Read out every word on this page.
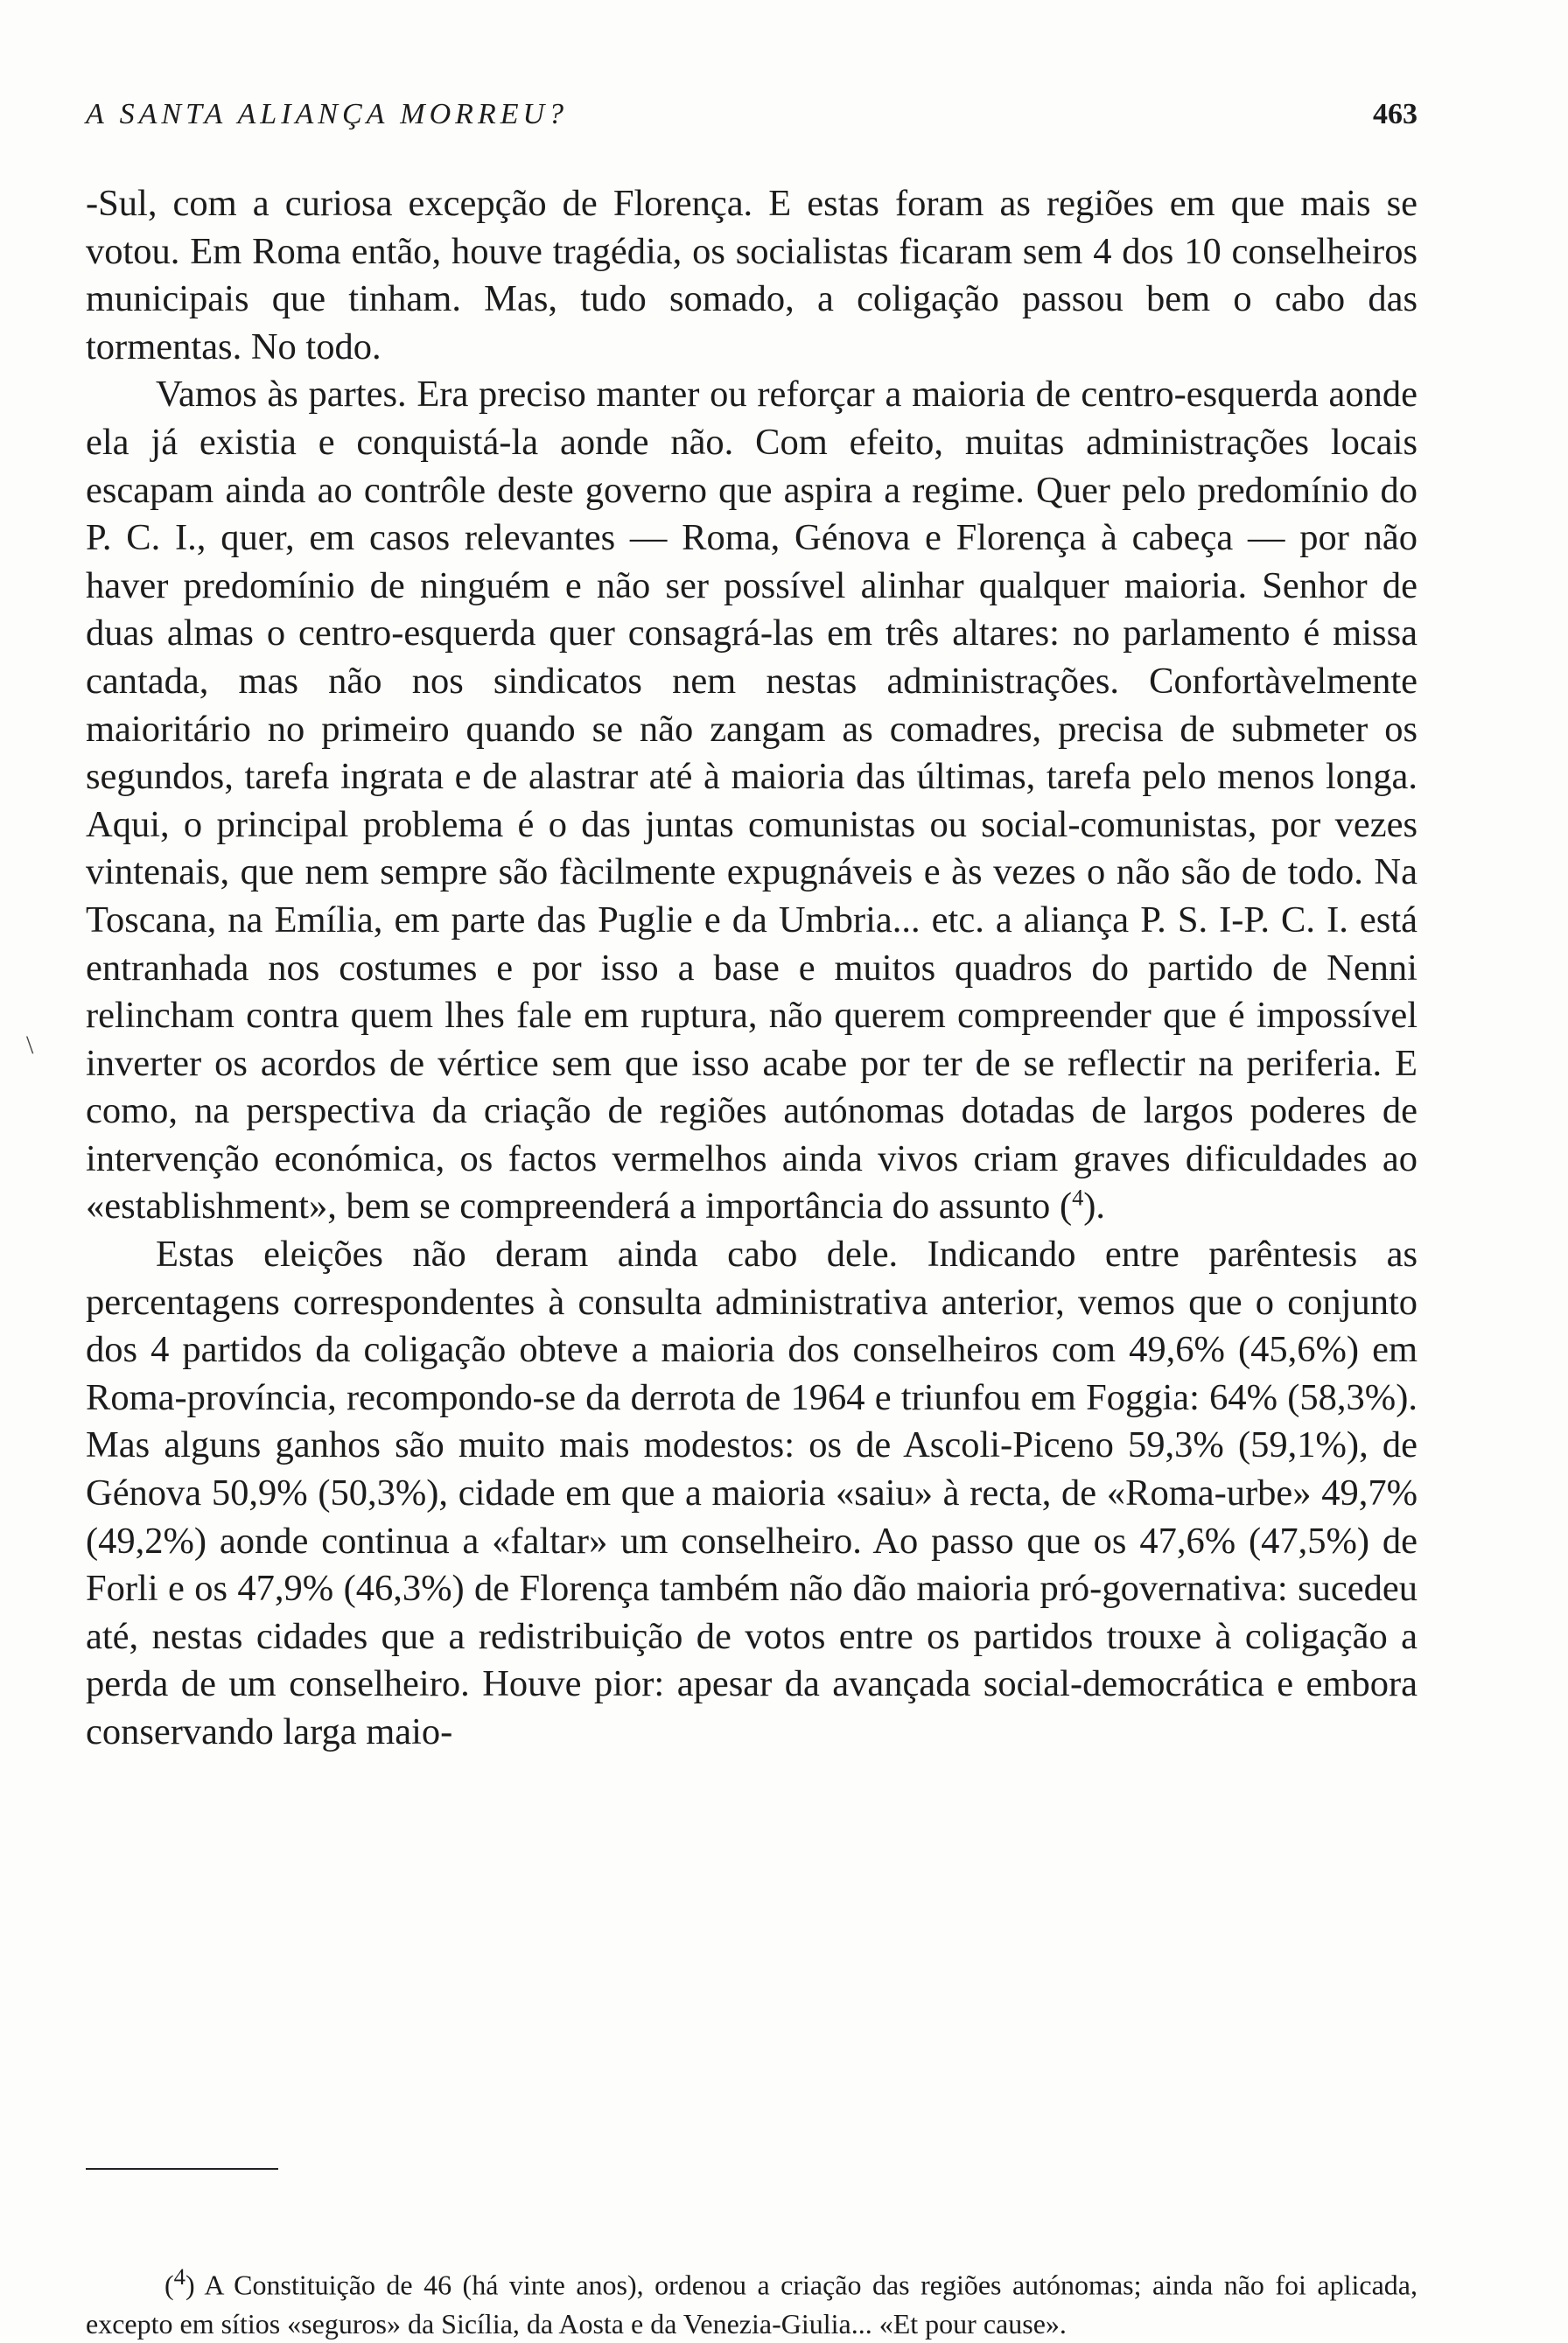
A SANTA ALIANÇA MORREU?	463
\

-Sul, com a curiosa excepção de Florença. E estas foram as regiões em que mais se votou. Em Roma então, houve tragédia, os socialistas ficaram sem 4 dos 10 conselheiros municipais que tinham. Mas, tudo somado, a coligação passou bem o cabo das tormentas. No todo.

Vamos às partes. Era preciso manter ou reforçar a maioria de centro-esquerda aonde ela já existia e conquistá-la aonde não. Com efeito, muitas administrações locais escapam ainda ao contrôle deste governo que aspira a regime. Quer pelo predomínio do P. C. I., quer, em casos relevantes — Roma, Génova e Florença à cabeça — por não haver predomínio de ninguém e não ser possível alinhar qualquer maioria. Senhor de duas almas o centro-esquerda quer consagrá-las em três altares: no parlamento é missa cantada, mas não nos sindicatos nem nestas administrações. Confortàvelmente maioritário no primeiro quando se não zangam as comadres, precisa de submeter os segundos, tarefa ingrata e de alastrar até à maioria das últimas, tarefa pelo menos longa. Aqui, o principal problema é o das juntas comunistas ou social-comunistas, por vezes vintenais, que nem sempre são fàcilmente expugnáveis e às vezes o não são de todo. Na Toscana, na Emília, em parte das Puglie e da Umbria... etc. a aliança P. S. I-P. C. I. está entranhada nos costumes e por isso a base e muitos quadros do partido de Nenni relincham contra quem lhes fale em ruptura, não querem compreender que é impossível inverter os acordos de vértice sem que isso acabe por ter de se reflectir na periferia. E como, na perspectiva da criação de regiões autónomas dotadas de largos poderes de intervenção económica, os factos vermelhos ainda vivos criam graves dificuldades ao «establishment», bem se compreenderá a importância do assunto ($^4$).

Estas eleições não deram ainda cabo dele. Indicando entre parêntesis as percentagens correspondentes à consulta administrativa anterior, vemos que o conjunto dos 4 partidos da coligação obteve a maioria dos conselheiros com 49,6% (45,6%) em Roma-província, recompondo-se da derrota de 1964 e triunfou em Foggia: 64% (58,3%). Mas alguns ganhos são muito mais modestos: os de Ascoli-Piceno 59,3% (59,1%), de Génova 50,9% (50,3%), cidade em que a maioria «saiu» à recta, de «Roma-urbe» 49,7% (49,2%) aonde continua a «faltar» um conselheiro. Ao passo que os 47,6% (47,5%) de Forli e os 47,9% (46,3%) de Florença também não dão maioria pró-governativa: sucedeu até, nestas cidades que a redistribuição de votos entre os partidos trouxe à coligação a perda de um conselheiro. Houve pior: apesar da avançada social-democrática e embora conservando larga maio-

($^4$) A Constituição de 46 (há vinte anos), ordenou a criação das regiões autónomas; ainda não foi aplicada, excepto em sítios «seguros» da Sicília, da Aosta e da Venezia-Giulia... «Et pour cause».
